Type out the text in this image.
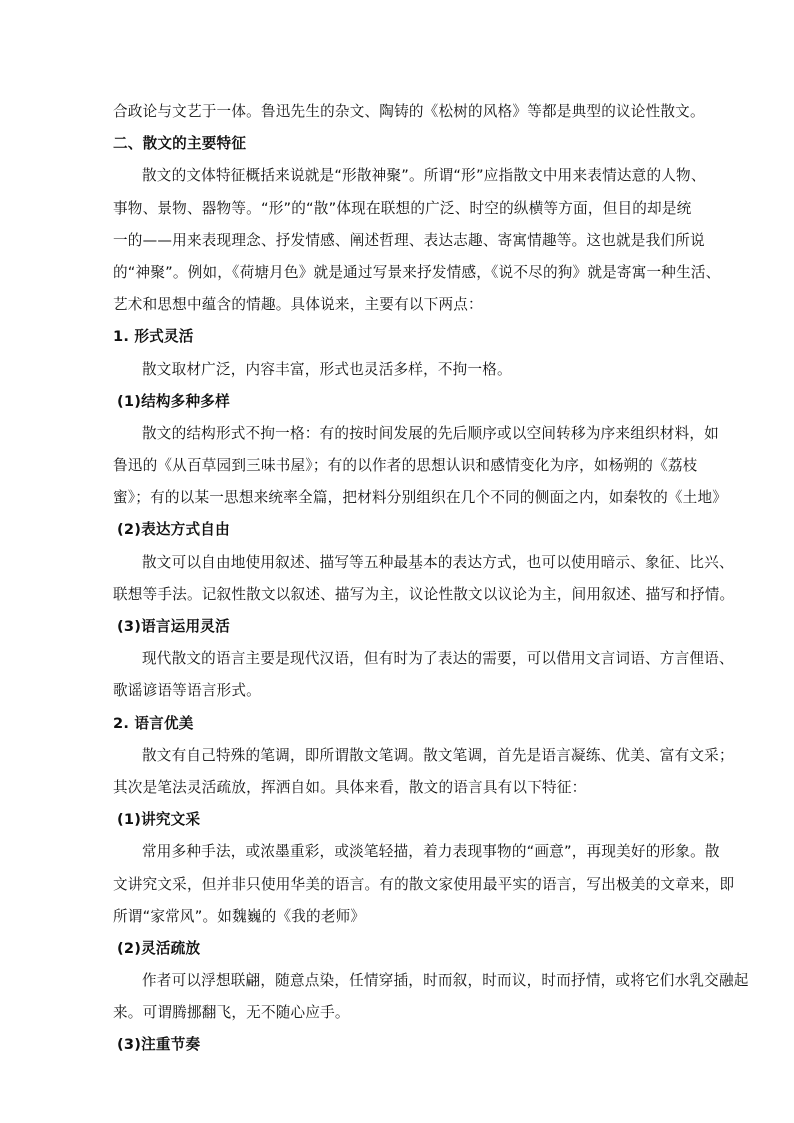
合政论与文艺于一体。鲁迅先生的杂文、陶铸的《松树的风格》等都是典型的议论性散文。
二、散文的主要特征
散文的文体特征概括来说就是“形散神聚”。所谓“形”应指散文中用来表情达意的人物、
事物、景物、器物等。“形”的“散”体现在联想的广泛、时空的纵横等方面，但目的却是统
一的——用来表现理念、抒发情感、阐述哲理、表达志趣、寄寓情趣等。这也就是我们所说
的“神聚”。例如，《荷塘月色》就是通过写景来抒发情感，《说不尽的狗》就是寄寓一种生活、
艺术和思想中蕴含的情趣。具体说来，主要有以下两点：
1. 形式灵活
散文取材广泛，内容丰富，形式也灵活多样，不拘一格。
(1)结构多种多样
散文的结构形式不拘一格：有的按时间发展的先后顺序或以空间转移为序来组织材料，如
鲁迅的《从百草园到三味书屋》；有的以作者的思想认识和感情变化为序，如杨朔的《荔枝
蜜》；有的以某一思想来统率全篇，把材料分别组织在几个不同的侧面之内，如秦牧的《土地》
(2)表达方式自由
散文可以自由地使用叙述、描写等五种最基本的表达方式，也可以使用暗示、象征、比兴、
联想等手法。记叙性散文以叙述、描写为主，议论性散文以议论为主，间用叙述、描写和抒情。
(3)语言运用灵活
现代散文的语言主要是现代汉语，但有时为了表达的需要，可以借用文言词语、方言俚语、
歌谣谚语等语言形式。
2. 语言优美
散文有自己特殊的笔调，即所谓散文笔调。散文笔调，首先是语言凝练、优美、富有文采；
其次是笔法灵活疏放，挥洒自如。具体来看，散文的语言具有以下特征：
(1)讲究文采
常用多种手法，或浓墨重彩，或淡笔轻描，着力表现事物的“画意”，再现美好的形象。散
文讲究文采，但并非只使用华美的语言。有的散文家使用最平实的语言，写出极美的文章来，即
所谓“家常风”。如魏巍的《我的老师》
(2)灵活疏放
作者可以浮想联翩，随意点染，任情穿插，时而叙，时而议，时而抒情，或将它们水乳交融起
来。可谓腾挪翻飞，无不随心应手。
(3)注重节奏
